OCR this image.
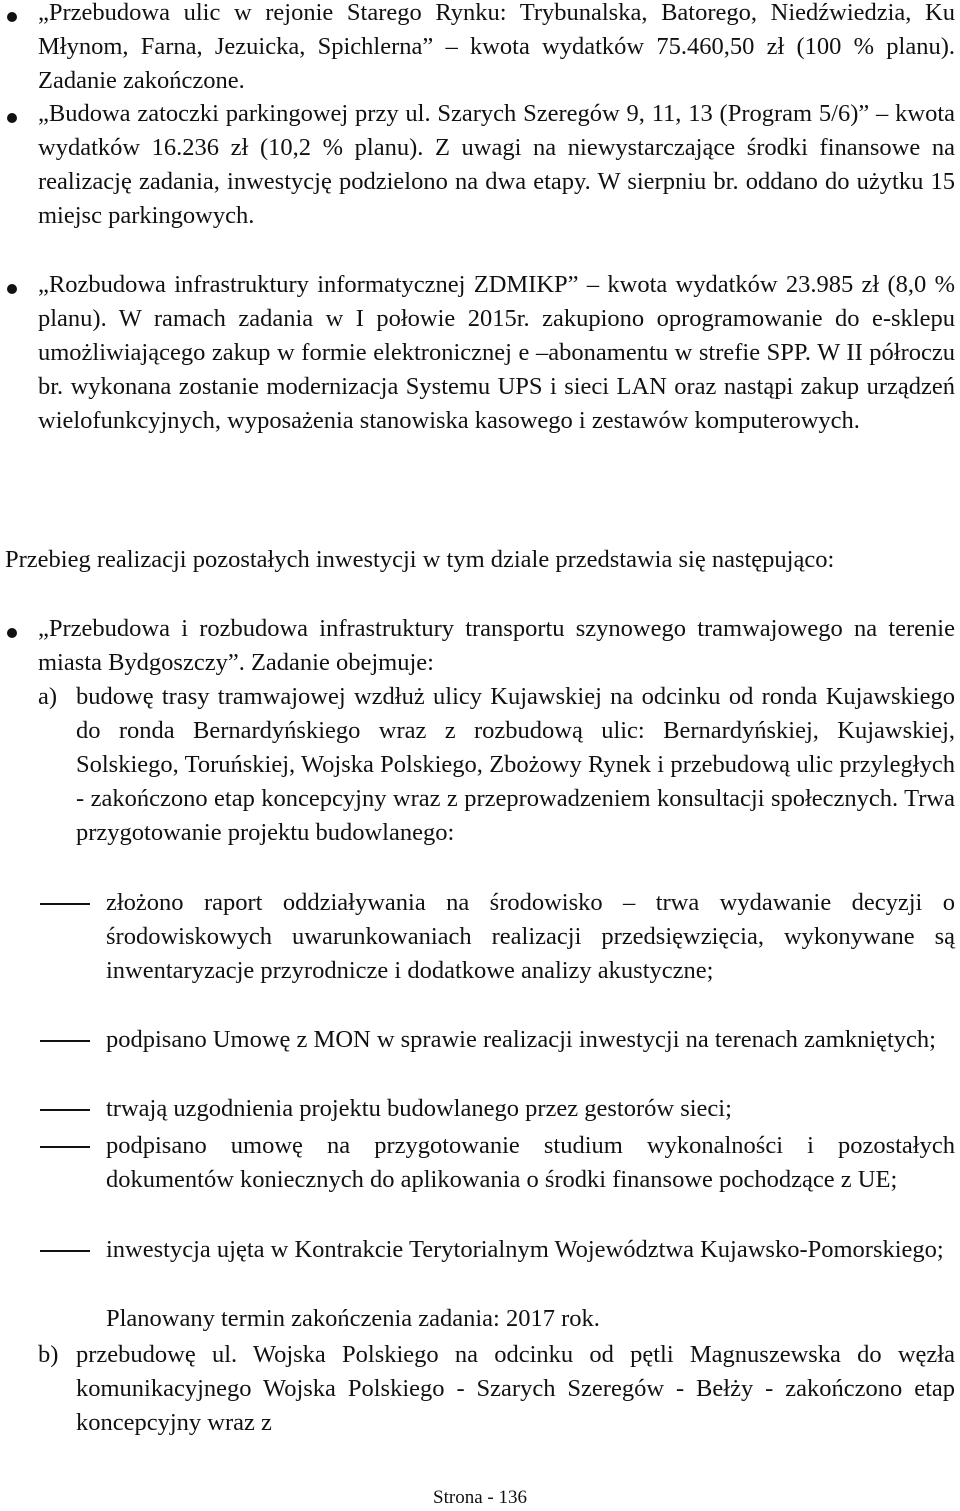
„Przebudowa ulic w rejonie Starego Rynku: Trybunalska, Batorego, Niedźwiedzia, Ku Młynom, Farna, Jezuicka, Spichlerna” – kwota wydatków 75.460,50 zł (100 % planu). Zadanie zakończone.
„Budowa zatoczki parkingowej przy ul. Szarych Szeregów 9, 11, 13 (Program 5/6)” – kwota wydatków 16.236 zł (10,2 % planu). Z uwagi na niewystarczające środki finansowe na realizację zadania, inwestycję podzielono na dwa etapy. W sierpniu br. oddano do użytku 15 miejsc parkingowych.
„Rozbudowa infrastruktury informatycznej ZDMIKP” – kwota wydatków 23.985 zł (8,0 % planu). W ramach zadania w I połowie 2015r. zakupiono oprogramowanie do e-sklepu umożliwiającego zakup w formie elektronicznej e –abonamentu w strefie SPP. W II półroczu br. wykonana zostanie modernizacja Systemu UPS i sieci LAN oraz nastąpi zakup urządzeń wielofunkcyjnych, wyposażenia stanowiska kasowego i zestawów komputerowych.

Przebieg realizacji pozostałych inwestycji w tym dziale przedstawia się następująco:

„Przebudowa i rozbudowa infrastruktury transportu szynowego tramwajowego na terenie miasta Bydgoszczy”. Zadanie obejmuje:
a) budowę trasy tramwajowej wzdłuż ulicy Kujawskiej na odcinku od ronda Kujawskiego do ronda Bernardyńskiego wraz z rozbudową ulic: Bernardyńskiej, Kujawskiej, Solskiego, Toruńskiej, Wojska Polskiego, Zbożowy Rynek i przebudową ulic przyległych - zakończono etap koncepcyjny wraz z przeprowadzeniem konsultacji społecznych. Trwa przygotowanie projektu budowlanego:
złożono raport oddziaływania na środowisko – trwa wydawanie decyzji o środowiskowych uwarunkowaniach realizacji przedsięwzięcia, wykonywane są inwentaryzacje przyrodnicze i dodatkowe analizy akustyczne;
podpisano Umowę z MON w sprawie realizacji inwestycji na terenach zamkniętych;
trwają uzgodnienia projektu budowlanego przez gestorów sieci;
podpisano umowę na przygotowanie studium wykonalności i pozostałych dokumentów koniecznych do aplikowania o środki finansowe pochodzące z UE;
inwestycja ujęta w Kontrakcie Terytorialnym Województwa Kujawsko-Pomorskiego;
Planowany termin zakończenia zadania: 2017 rok.
b) przebudowę ul. Wojska Polskiego na odcinku od pętli Magnuszewska do węzła komunikacyjnego Wojska Polskiego - Szarych Szeregów - Bełży - zakończono etap koncepcyjny wraz z
Strona - 136
